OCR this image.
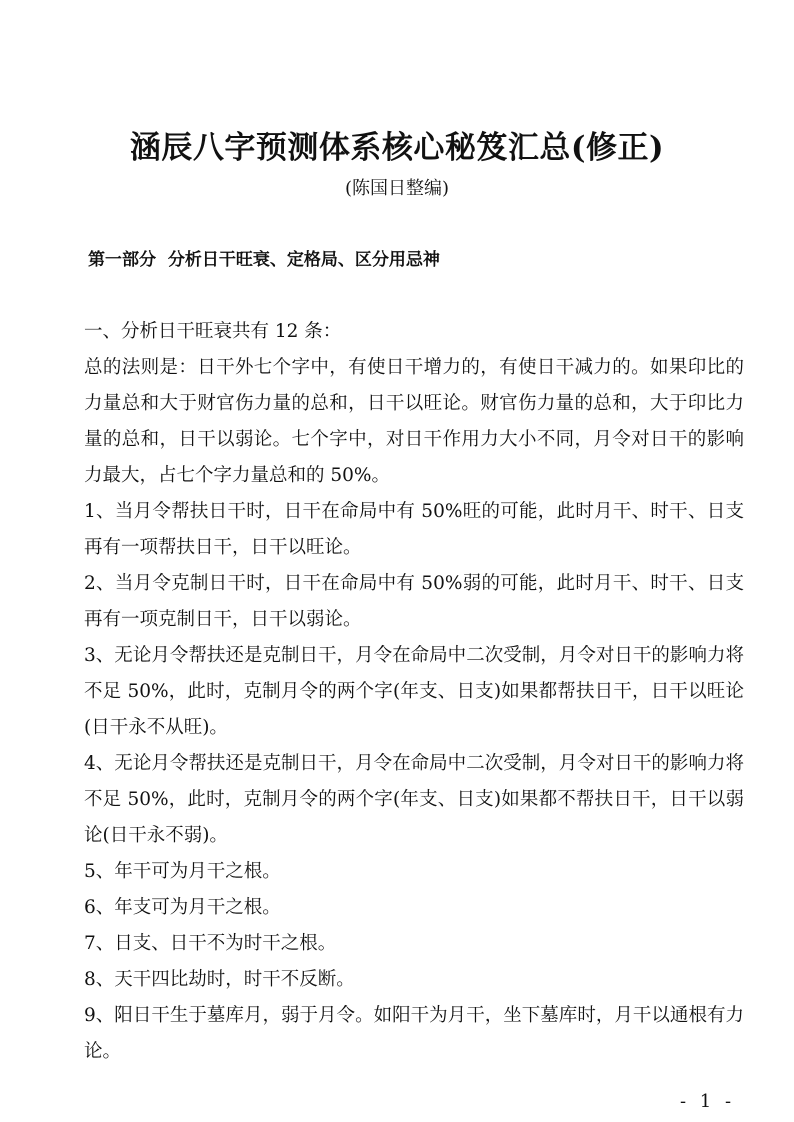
涵辰八字预测体系核心秘笈汇总(修正)
(陈国日整编)
第一部分  分析日干旺衰、定格局、区分用忌神

一、分析日干旺衰共有 12 条：

总的法则是：日干外七个字中，有使日干增力的，有使日干减力的。如果印比的力量总和大于财官伤力量的总和，日干以旺论。财官伤力量的总和，大于印比力量的总和，日干以弱论。七个字中，对日干作用力大小不同，月令对日干的影响力最大，占七个字力量总和的 50%。

1、当月令帮扶日干时，日干在命局中有 50%旺的可能，此时月干、时干、日支再有一项帮扶日干，日干以旺论。

2、当月令克制日干时，日干在命局中有 50%弱的可能，此时月干、时干、日支再有一项克制日干，日干以弱论。

3、无论月令帮扶还是克制日干，月令在命局中二次受制，月令对日干的影响力将不足 50%，此时，克制月令的两个字(年支、日支)如果都帮扶日干，日干以旺论(日干永不从旺)。

4、无论月令帮扶还是克制日干，月令在命局中二次受制，月令对日干的影响力将不足 50%，此时，克制月令的两个字(年支、日支)如果都不帮扶日干，日干以弱论(日干永不弱)。

5、年干可为月干之根。

6、年支可为月干之根。

7、日支、日干不为时干之根。

8、天干四比劫时，时干不反断。

9、阳日干生于墓库月，弱于月令。如阳干为月干，坐下墓库时，月干以通根有力论。

- 1 -
